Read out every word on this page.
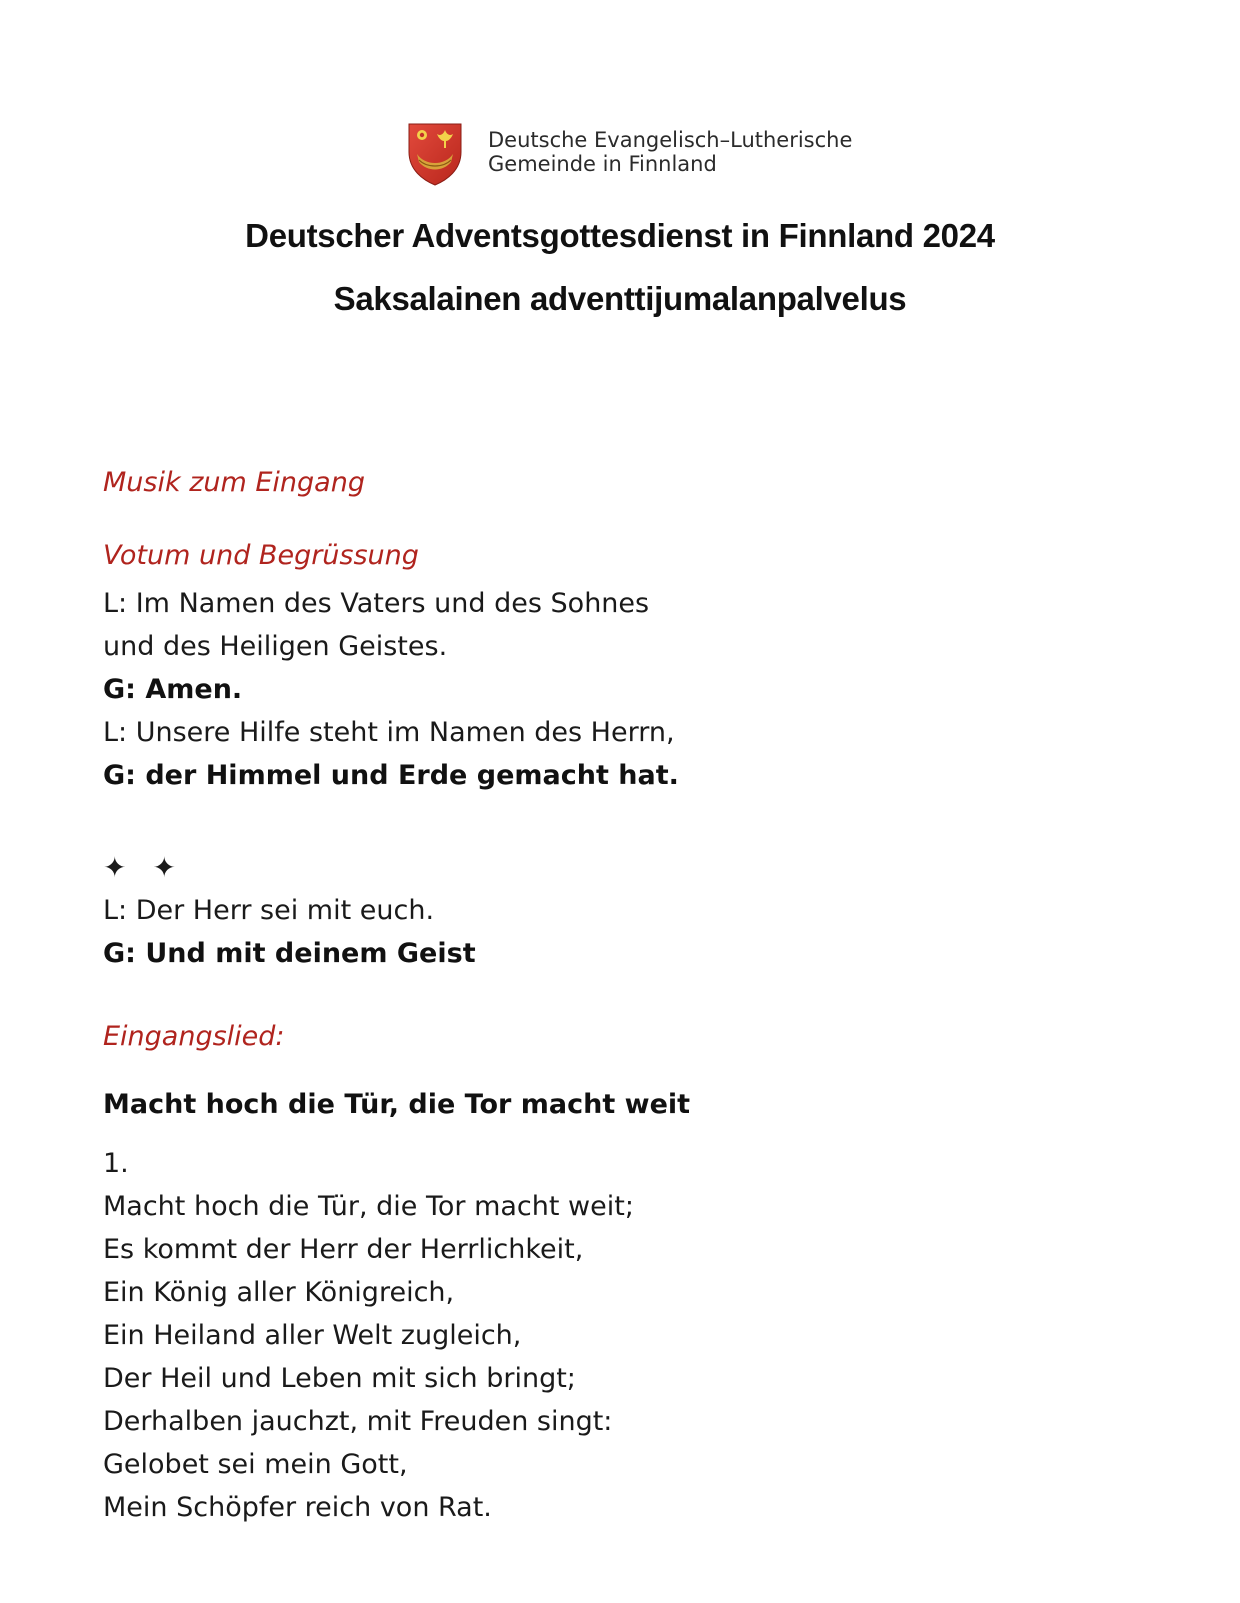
Deutsche Evangelisch–Lutherische
Gemeinde in Finnland
Deutscher Adventsgottesdienst in Finnland 2024
Saksalainen adventtijumalanpalvelus
Musik zum Eingang
Votum und Begrüssung
L: Im Namen des Vaters und des Sohnes
und des Heiligen Geistes.
G: Amen.
L: Unsere Hilfe steht im Namen des Herrn,
G: der Himmel und Erde gemacht hat.
✦✦
L: Der Herr sei mit euch.
G: Und mit deinem Geist
Eingangslied:
Macht hoch die Tür, die Tor macht weit
1.
Macht hoch die Tür, die Tor macht weit;
Es kommt der Herr der Herrlichkeit,
Ein König aller Königreich,
Ein Heiland aller Welt zugleich,
Der Heil und Leben mit sich bringt;
Derhalben jauchzt, mit Freuden singt:
Gelobet sei mein Gott,
Mein Schöpfer reich von Rat.
